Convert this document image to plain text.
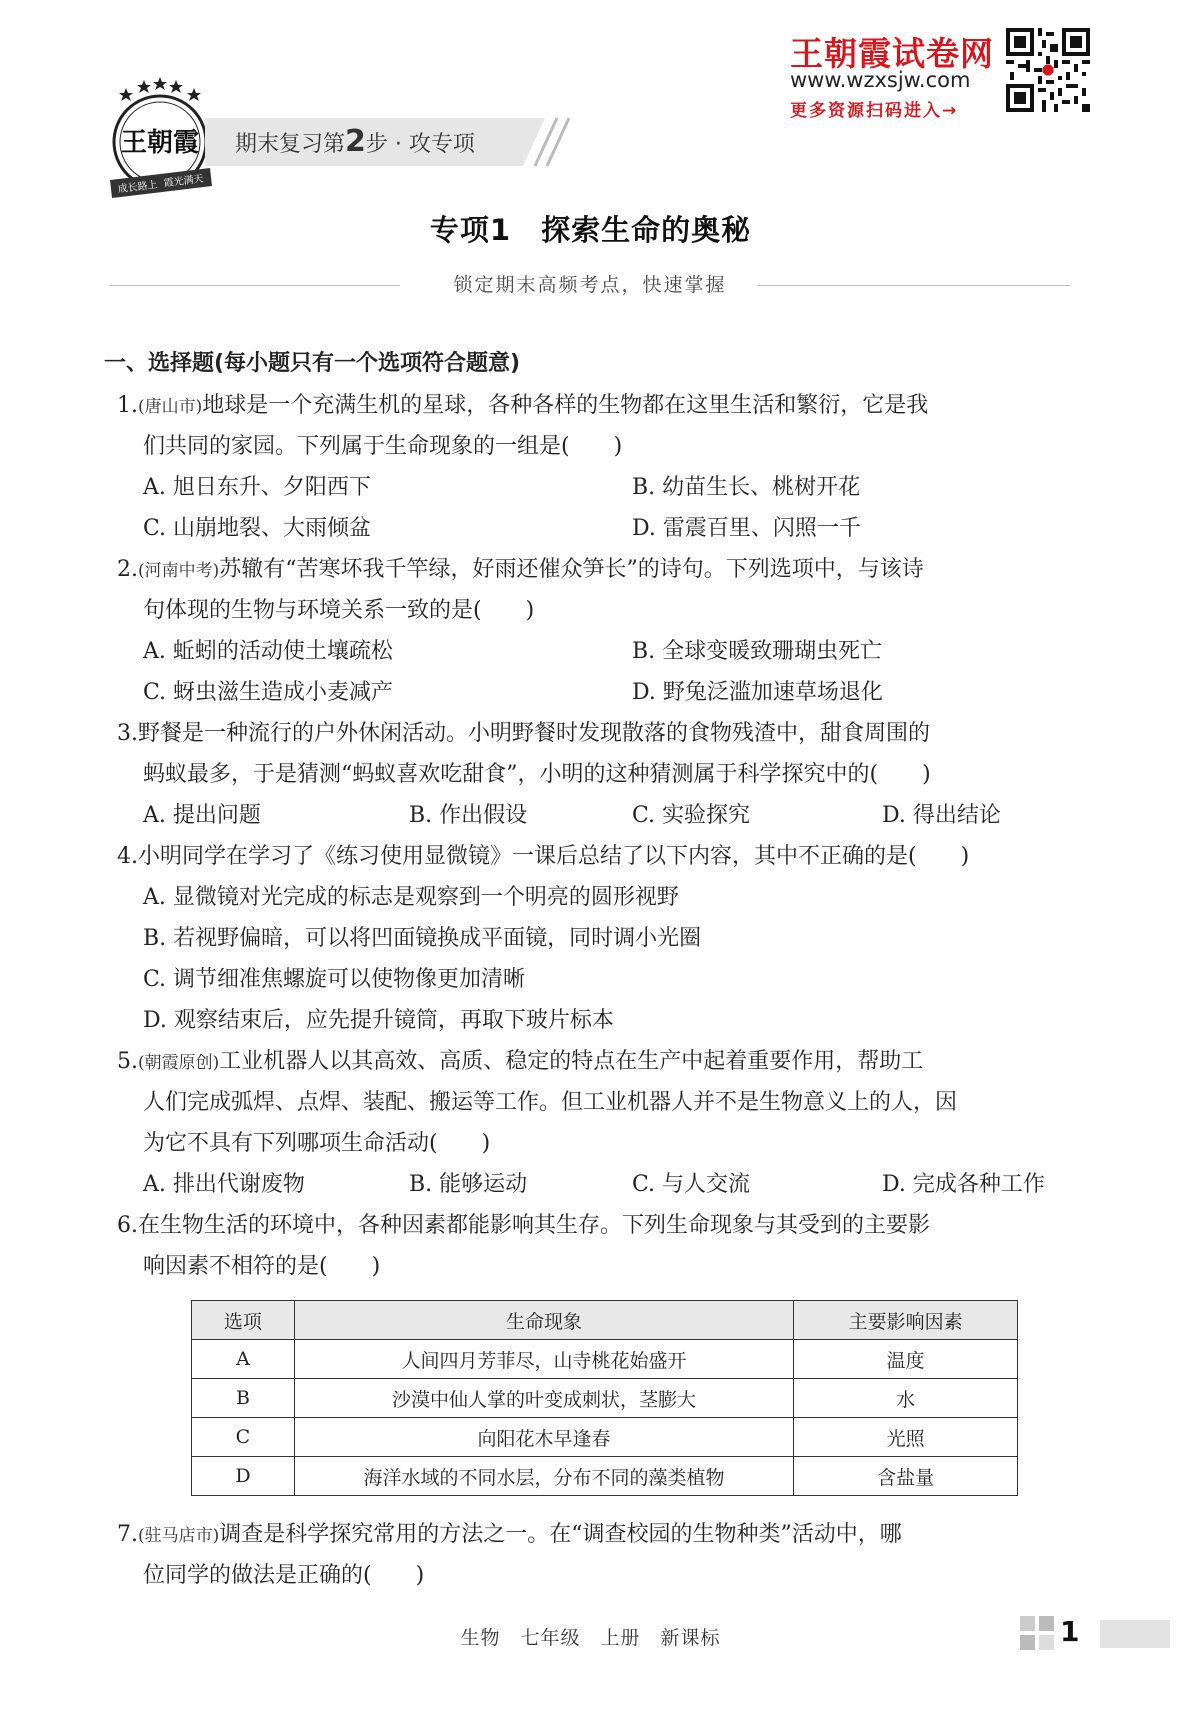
王朝霞试卷网
www.wzxsjw.com
更多资源扫码进入→
王朝霞
成长路上 霞光满天
期末复习第2步 · 攻专项
专项1　探索生命的奥秘
锁定期末高频考点，快速掌握
一、选择题(每小题只有一个选项符合题意)
1.(唐山市)地球是一个充满生机的星球，各种各样的生物都在这里生活和繁衍，它是我
们共同的家园。下列属于生命现象的一组是(　　)
A. 旭日东升、夕阳西下	B. 幼苗生长、桃树开花
C. 山崩地裂、大雨倾盆	D. 雷震百里、闪照一千
2.(河南中考)苏辙有“苦寒坏我千竿绿，好雨还催众笋长”的诗句。下列选项中，与该诗
句体现的生物与环境关系一致的是(　　)
A. 蚯蚓的活动使土壤疏松	B. 全球变暖致珊瑚虫死亡
C. 蚜虫滋生造成小麦减产	D. 野兔泛滥加速草场退化
3.野餐是一种流行的户外休闲活动。小明野餐时发现散落的食物残渣中，甜食周围的
蚂蚁最多，于是猜测“蚂蚁喜欢吃甜食”，小明的这种猜测属于科学探究中的(　　)
A. 提出问题	B. 作出假设	C. 实验探究	D. 得出结论
4.小明同学在学习了《练习使用显微镜》一课后总结了以下内容，其中不正确的是(　　)
A. 显微镜对光完成的标志是观察到一个明亮的圆形视野
B. 若视野偏暗，可以将凹面镜换成平面镜，同时调小光圈
C. 调节细准焦螺旋可以使物像更加清晰
D. 观察结束后，应先提升镜筒，再取下玻片标本
5.(朝霞原创)工业机器人以其高效、高质、稳定的特点在生产中起着重要作用，帮助工
人们完成弧焊、点焊、装配、搬运等工作。但工业机器人并不是生物意义上的人，因
为它不具有下列哪项生命活动(　　)
A. 排出代谢废物	B. 能够运动	C. 与人交流	D. 完成各种工作
6.在生物生活的环境中，各种因素都能影响其生存。下列生命现象与其受到的主要影
响因素不相符的是(　　)
选项	生命现象	主要影响因素
A	人间四月芳菲尽，山寺桃花始盛开	温度
B	沙漠中仙人掌的叶变成刺状，茎膨大	水
C	向阳花木早逢春	光照
D	海洋水域的不同水层，分布不同的藻类植物	含盐量
7.(驻马店市)调查是科学探究常用的方法之一。在“调查校园的生物种类”活动中，哪
位同学的做法是正确的(　　)
生物　七年级　上册　新课标	1
